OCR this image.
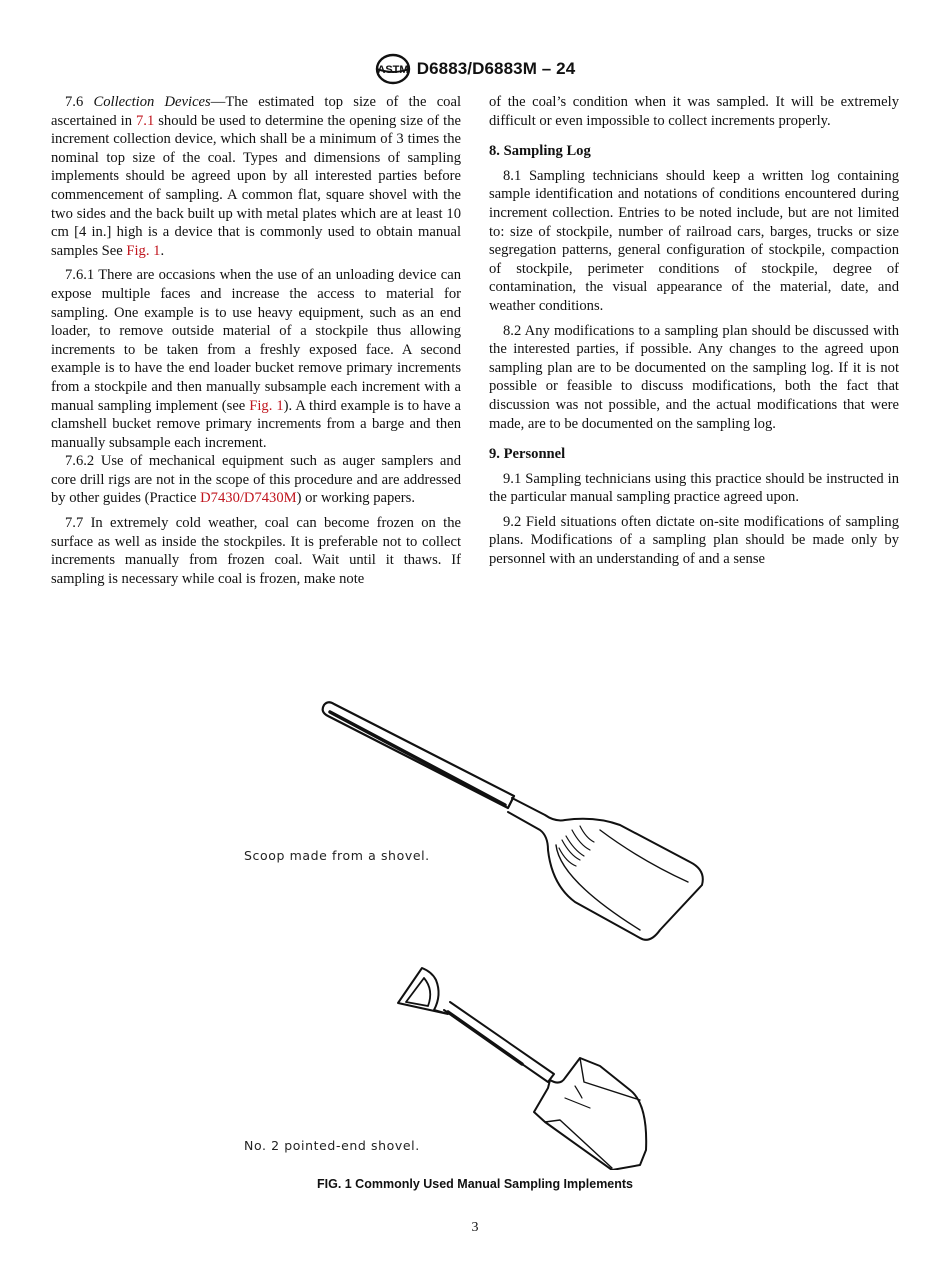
ASTM D6883/D6883M – 24

7.6 Collection Devices—The estimated top size of the coal ascertained in 7.1 should be used to determine the opening size of the increment collection device, which shall be a minimum of 3 times the nominal top size of the coal. Types and dimensions of sampling implements should be agreed upon by all interested parties before commencement of sampling. A common flat, square shovel with the two sides and the back built up with metal plates which are at least 10 cm [4 in.] high is a device that is commonly used to obtain manual samples See Fig. 1.

7.6.1 There are occasions when the use of an unloading device can expose multiple faces and increase the access to material for sampling. One example is to use heavy equipment, such as an end loader, to remove outside material of a stockpile thus allowing increments to be taken from a freshly exposed face. A second example is to have the end loader bucket remove primary increments from a stockpile and then manually subsample each increment with a manual sampling implement (see Fig. 1). A third example is to have a clamshell bucket remove primary increments from a barge and then manually subsample each increment.

7.6.2 Use of mechanical equipment such as auger samplers and core drill rigs are not in the scope of this procedure and are addressed by other guides (Practice D7430/D7430M) or working papers.

7.7 In extremely cold weather, coal can become frozen on the surface as well as inside the stockpiles. It is preferable not to collect increments manually from frozen coal. Wait until it thaws. If sampling is necessary while coal is frozen, make note

of the coal’s condition when it was sampled. It will be extremely difficult or even impossible to collect increments properly.

8. Sampling Log

8.1 Sampling technicians should keep a written log containing sample identification and notations of conditions encountered during increment collection. Entries to be noted include, but are not limited to: size of stockpile, number of railroad cars, barges, trucks or size segregation patterns, general configuration of stockpile, compaction of stockpile, perimeter conditions of stockpile, degree of contamination, the visual appearance of the material, date, and weather conditions.

8.2 Any modifications to a sampling plan should be discussed with the interested parties, if possible. Any changes to the agreed upon sampling plan are to be documented on the sampling log. If it is not possible or feasible to discuss modifications, both the fact that discussion was not possible, and the actual modifications that were made, are to be documented on the sampling log.

9. Personnel

9.1 Sampling technicians using this practice should be instructed in the particular manual sampling practice agreed upon.

9.2 Field situations often dictate on-site modifications of sampling plans. Modifications of a sampling plan should be made only by personnel with an understanding of and a sense

Scoop made from a shovel.
No. 2 pointed-end shovel.
FIG. 1 Commonly Used Manual Sampling Implements
3
